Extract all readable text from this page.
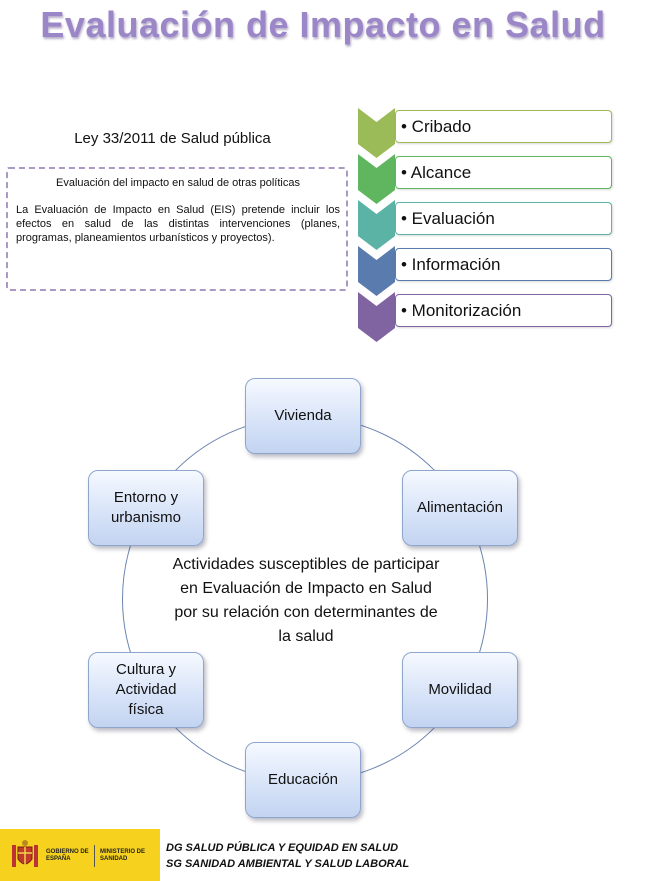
Evaluación de Impacto en Salud
Ley 33/2011 de Salud pública
Evaluación del impacto en salud de otras políticas
La Evaluación de Impacto en Salud (EIS) pretende incluir los efectos en salud de las distintas intervenciones (planes, programas, planeamientos urbanísticos y proyectos).
• Cribado
• Alcance
• Evaluación
• Información
• Monitorización
Vivienda
Alimentación
Movilidad
Educación
Cultura y Actividad física
Entorno y urbanismo
Actividades susceptibles de participar en Evaluación de Impacto en Salud por su relación con determinantes de la salud
GOBIERNO DE ESPAÑA
MINISTERIO DE SANIDAD
DG SALUD PÚBLICA Y EQUIDAD EN SALUD
SG SANIDAD AMBIENTAL Y SALUD LABORAL
